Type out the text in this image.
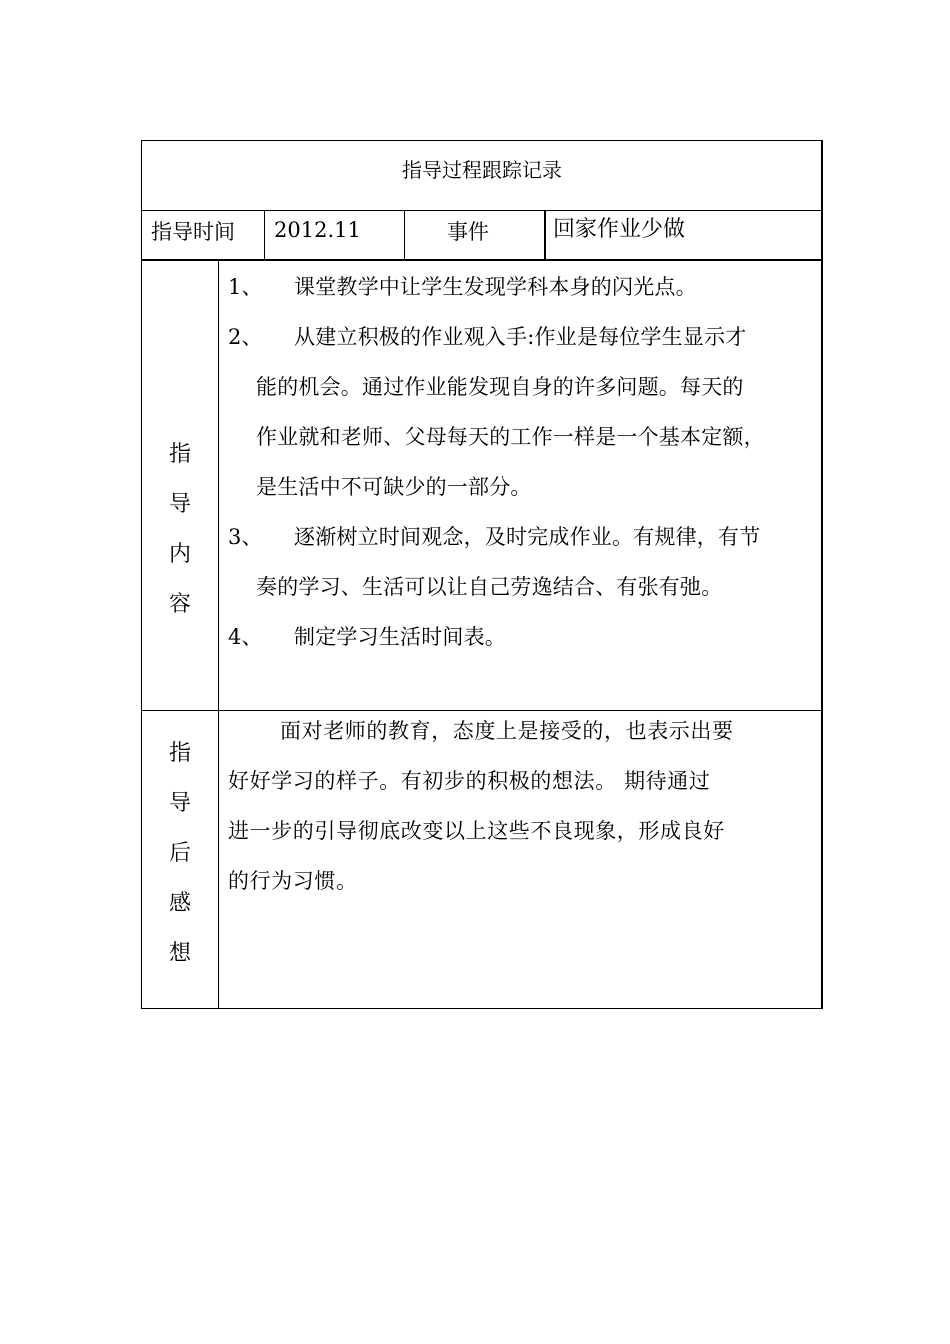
指导过程跟踪记录
指导时间 2012.11	事件	回家作业少做
指
导
内
容
1、 课堂教学中让学生发现学科本身的闪光点。
2、 从建立积极的作业观入手:作业是每位学生显示才
能的机会。通过作业能发现自身的许多问题。每天的
作业就和老师、父母每天的工作一样是一个基本定额，
是生活中不可缺少的一部分。
3、 逐渐树立时间观念，及时完成作业。有规律，有节
奏的学习、生活可以让自己劳逸结合、有张有弛。
4、 制定学习生活时间表。
指
导
后
感
想
面对老师的教育，态度上是接受的，也表示出要
好好学习的样子。有初步的积极的想法。 期待通过
进一步的引导彻底改变以上这些不良现象，形成良好
的行为习惯。
